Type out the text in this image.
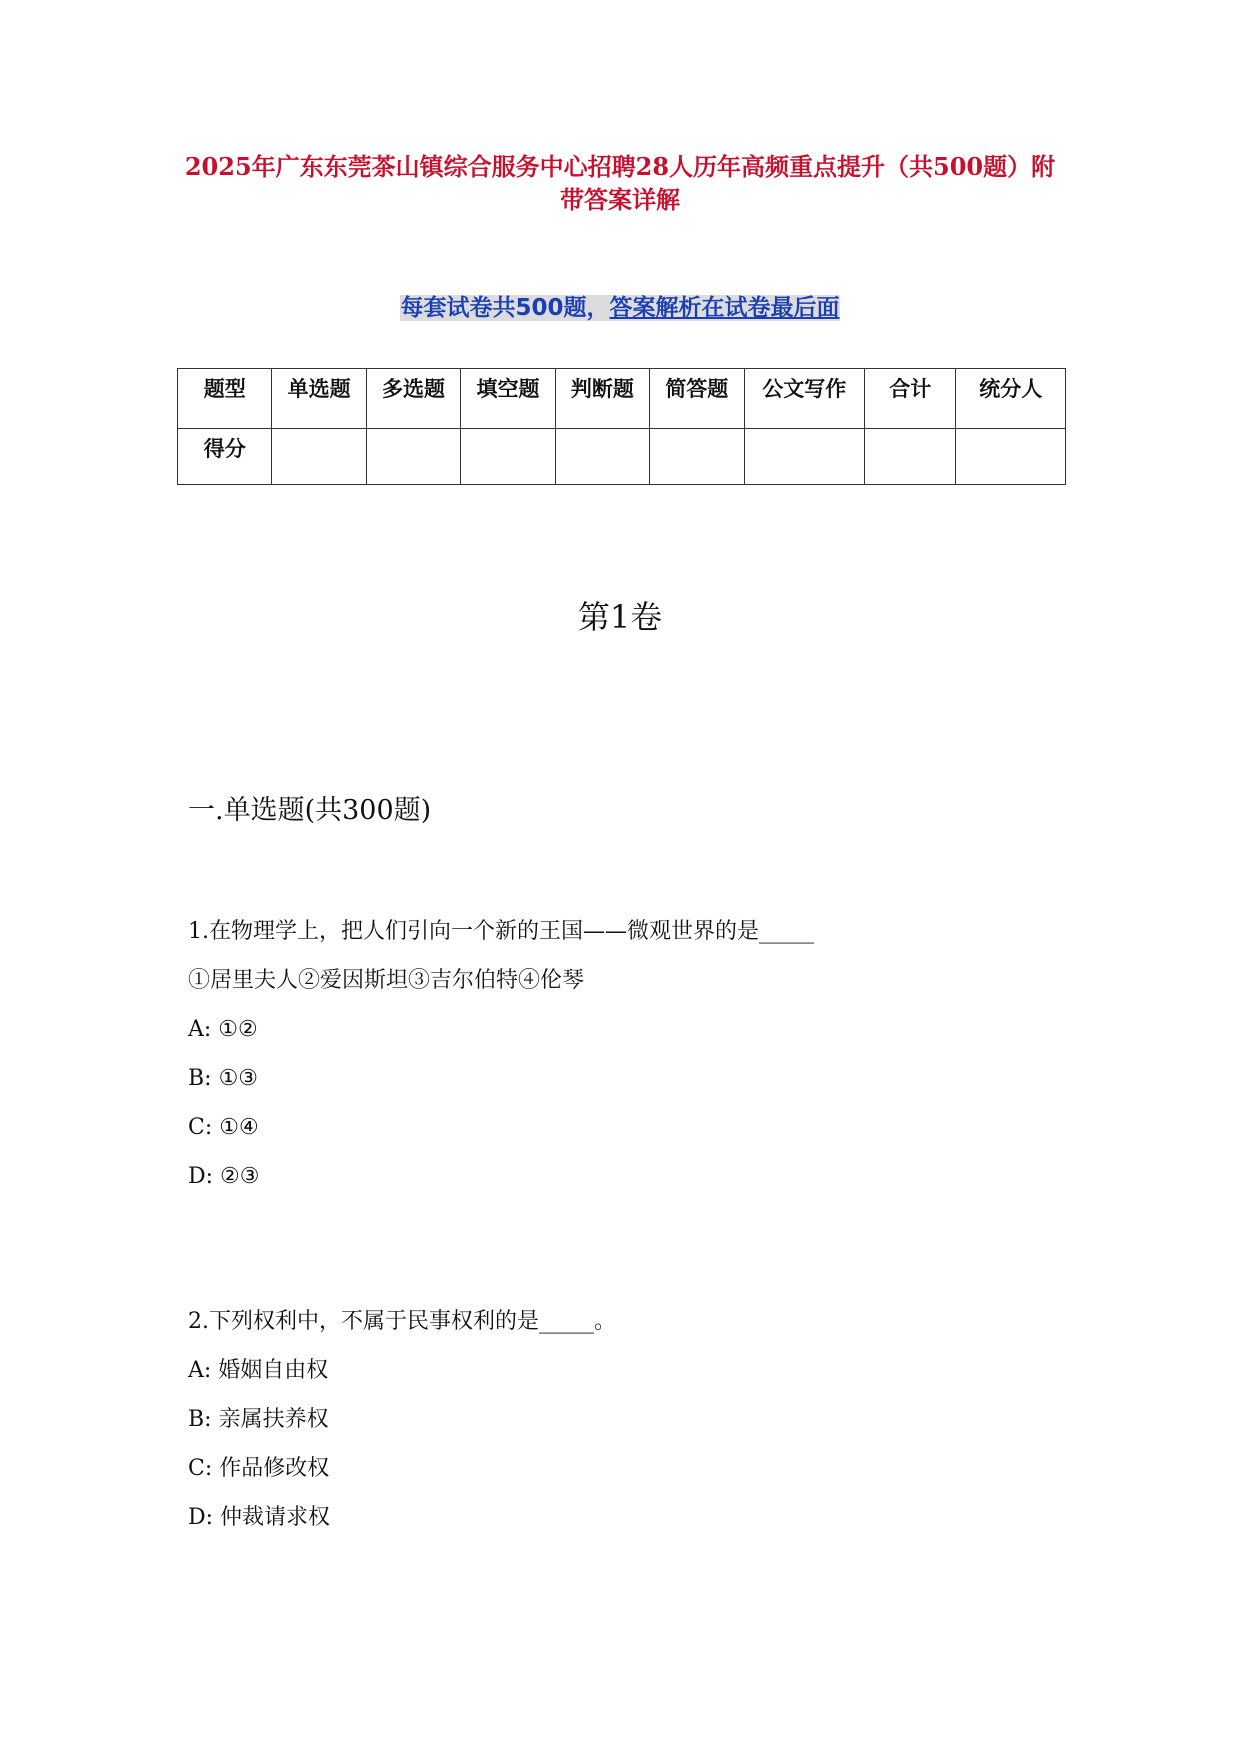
2025年广东东莞茶山镇综合服务中心招聘28人历年高频重点提升（共500题）附带答案详解
每套试卷共500题，答案解析在试卷最后面
题型	单选题	多选题	填空题	判断题	简答题	公文写作	合计	统分人
得分								
第1卷
一.单选题(共300题)
1.在物理学上，把人们引向一个新的王国——微观世界的是_____
①居里夫人②爱因斯坦③吉尔伯特④伦琴
A: ①②
B: ①③
C: ①④
D: ②③
2.下列权利中，不属于民事权利的是_____。
A: 婚姻自由权
B: 亲属扶养权
C: 作品修改权
D: 仲裁请求权
